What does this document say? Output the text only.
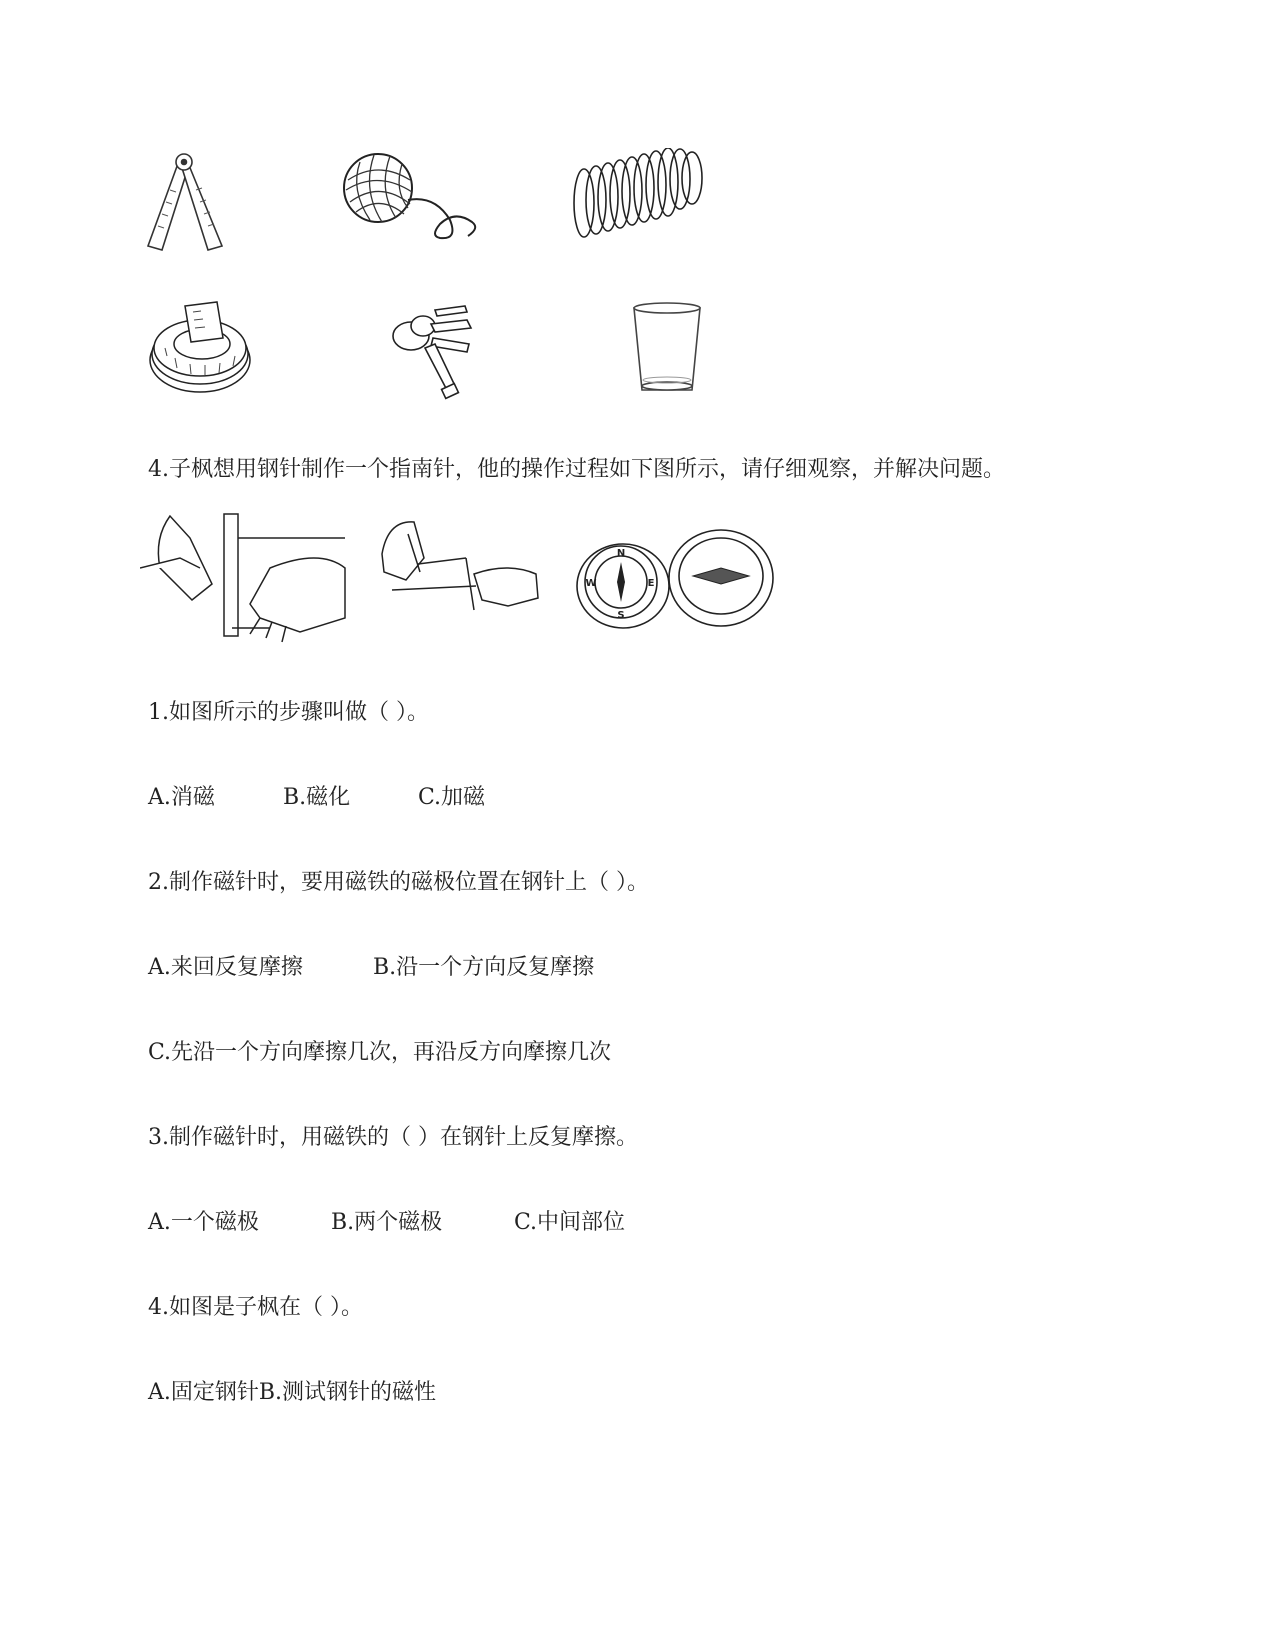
4.子枫想用钢针制作一个指南针，他的操作过程如下图所示，请仔细观察，并解决问题。

N
E
S
W

1.如图所示的步骤叫做（ ）。

A.消磁	B.磁化	C.加磁

2.制作磁针时，要用磁铁的磁极位置在钢针上（ ）。

A.来回反复摩擦	B.沿一个方向反复摩擦

C.先沿一个方向摩擦几次，再沿反方向摩擦几次

3.制作磁针时，用磁铁的（ ）在钢针上反复摩擦。

A.一个磁极	B.两个磁极	C.中间部位

4.如图是子枫在（ ）。

A.固定钢针B.测试钢针的磁性
